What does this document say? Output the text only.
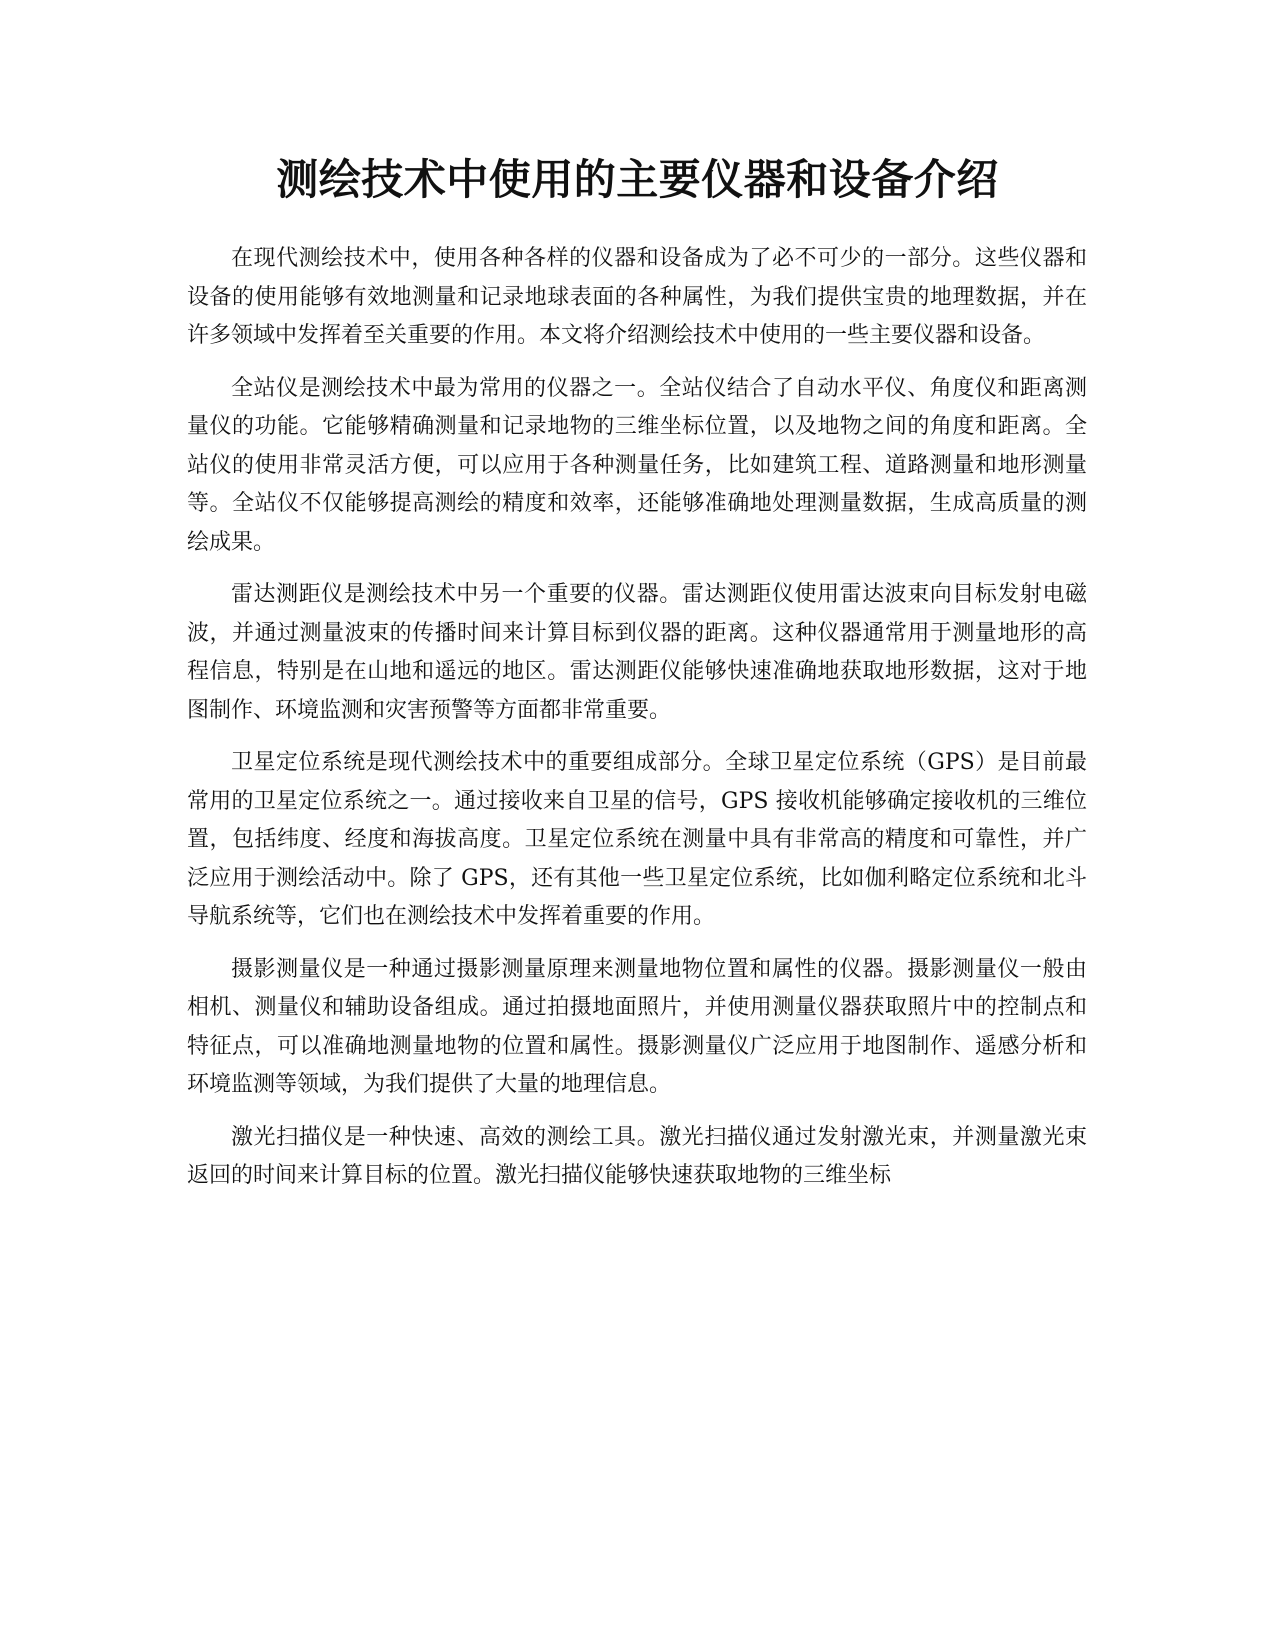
测绘技术中使用的主要仪器和设备介绍

在现代测绘技术中，使用各种各样的仪器和设备成为了必不可少的一部分。这些仪器和设备的使用能够有效地测量和记录地球表面的各种属性，为我们提供宝贵的地理数据，并在许多领域中发挥着至关重要的作用。本文将介绍测绘技术中使用的一些主要仪器和设备。

全站仪是测绘技术中最为常用的仪器之一。全站仪结合了自动水平仪、角度仪和距离测量仪的功能。它能够精确测量和记录地物的三维坐标位置，以及地物之间的角度和距离。全站仪的使用非常灵活方便，可以应用于各种测量任务，比如建筑工程、道路测量和地形测量等。全站仪不仅能够提高测绘的精度和效率，还能够准确地处理测量数据，生成高质量的测绘成果。

雷达测距仪是测绘技术中另一个重要的仪器。雷达测距仪使用雷达波束向目标发射电磁波，并通过测量波束的传播时间来计算目标到仪器的距离。这种仪器通常用于测量地形的高程信息，特别是在山地和遥远的地区。雷达测距仪能够快速准确地获取地形数据，这对于地图制作、环境监测和灾害预警等方面都非常重要。

卫星定位系统是现代测绘技术中的重要组成部分。全球卫星定位系统（GPS）是目前最常用的卫星定位系统之一。通过接收来自卫星的信号，GPS 接收机能够确定接收机的三维位置，包括纬度、经度和海拔高度。卫星定位系统在测量中具有非常高的精度和可靠性，并广泛应用于测绘活动中。除了 GPS，还有其他一些卫星定位系统，比如伽利略定位系统和北斗导航系统等，它们也在测绘技术中发挥着重要的作用。

摄影测量仪是一种通过摄影测量原理来测量地物位置和属性的仪器。摄影测量仪一般由相机、测量仪和辅助设备组成。通过拍摄地面照片，并使用测量仪器获取照片中的控制点和特征点，可以准确地测量地物的位置和属性。摄影测量仪广泛应用于地图制作、遥感分析和环境监测等领域，为我们提供了大量的地理信息。

激光扫描仪是一种快速、高效的测绘工具。激光扫描仪通过发射激光束，并测量激光束返回的时间来计算目标的位置。激光扫描仪能够快速获取地物的三维坐标
